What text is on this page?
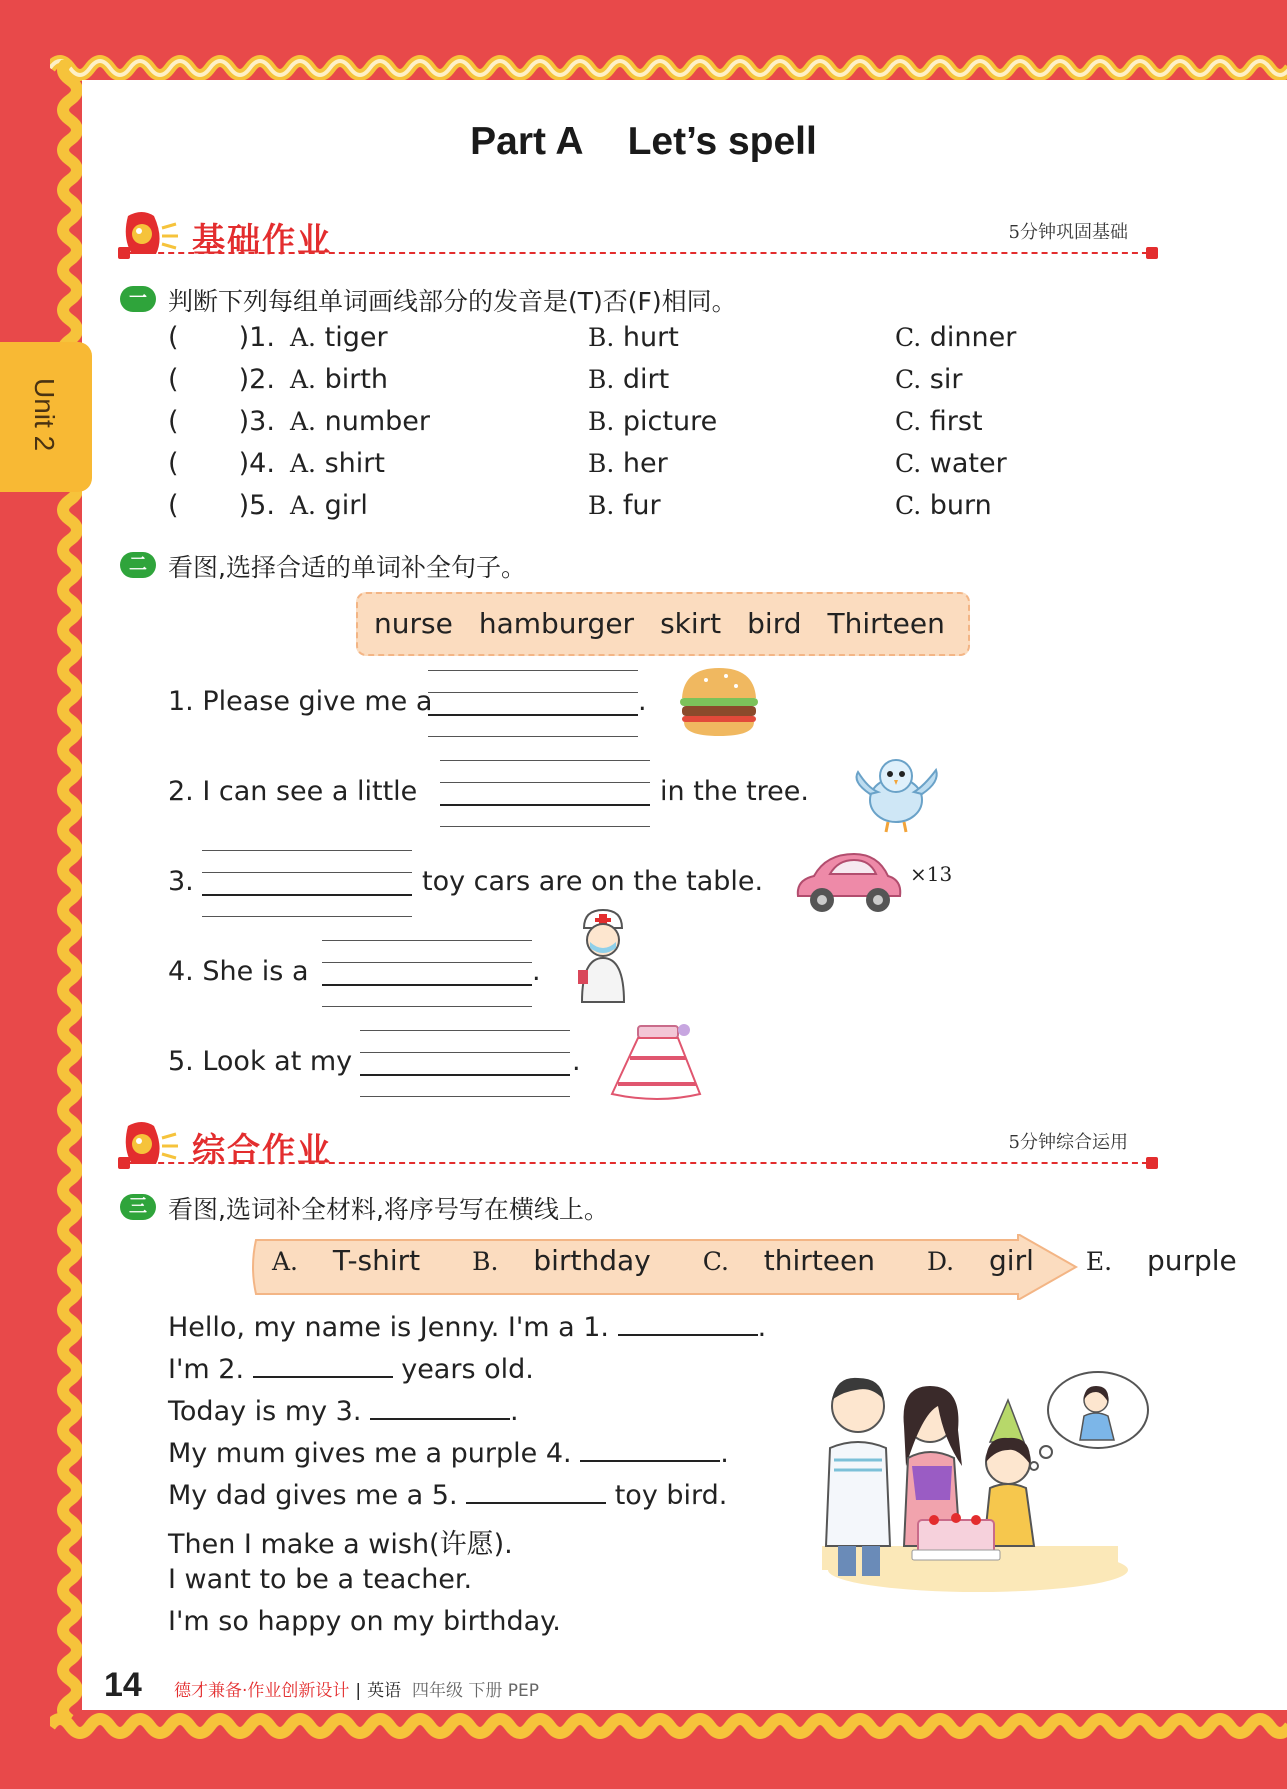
Unit 2
Part A Let’s spell
基础作业	5分钟巩固基础
一 判断下列每组单词画线部分的发音是(T)否(F)相同。
(       )1. A. tiger	B. hurt	C. dinner
(       )2. A. birth	B. dirt	C. sir
(       )3. A. number	B. picture	C. first
(       )4. A. shirt	B. her	C. water
(       )5. A. girl	B. fur	C. burn
二 看图,选择合适的单词补全句子。
nurse hamburger skirt bird Thirteen
1. Please give me a	.
2. I can see a little	in the tree.
3.	toy cars are on the table.	×13
4. She is a	.
5. Look at my	.
综合作业	5分钟综合运用
三 看图,选词补全材料,将序号写在横线上。
A. T-shirt B. birthday C. thirteen D. girl E. purple
Hello, my name is Jenny. I'm a 1.	.
I'm 2.	years old.
Today is my 3.	.
My mum gives me a purple 4.	.
My dad gives me a 5.	toy bird.
Then I make a wish(许愿).
I want to be a teacher.
I'm so happy on my birthday.
14 德才兼备·作业创新设计 | 英语 四年级 下册 PEP
